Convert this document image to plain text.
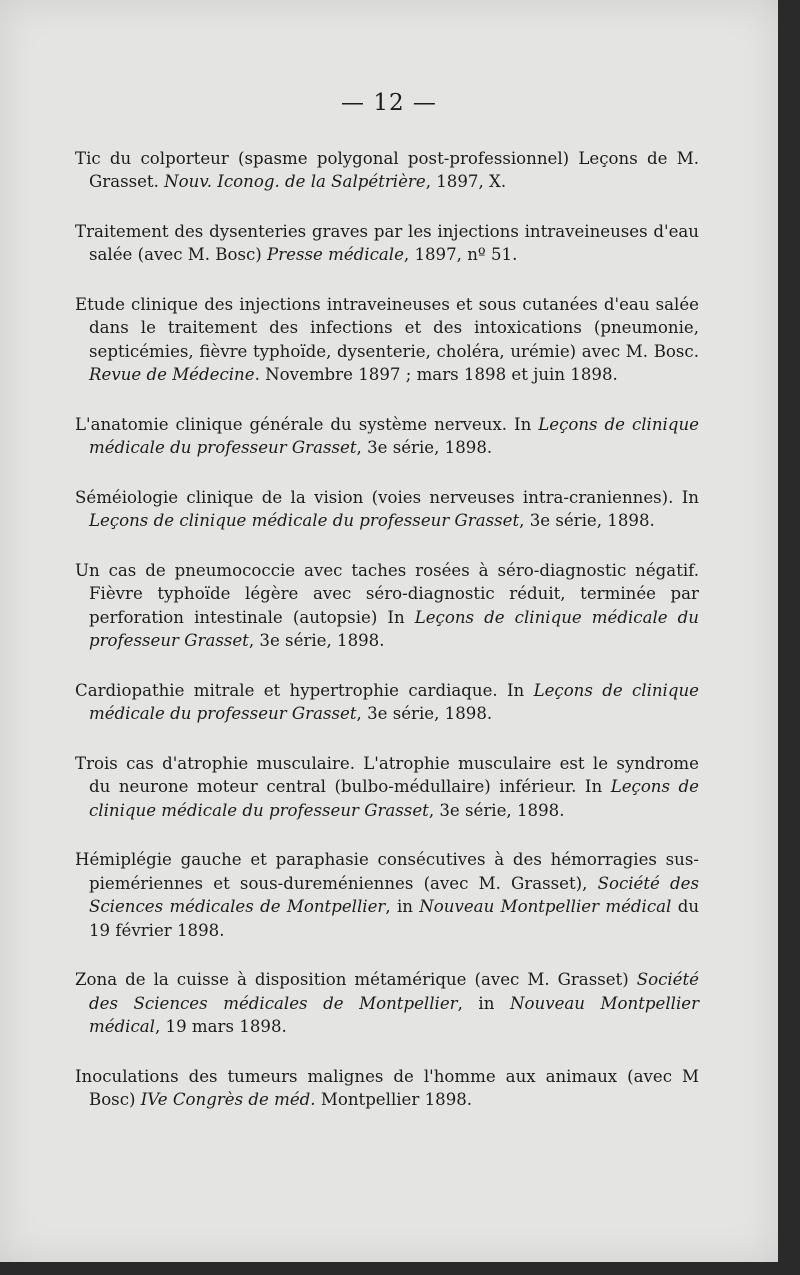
— 12 —

Tic du colporteur (spasme polygonal post-professionnel) Leçons de M. Grasset. Nouv. Iconog. de la Salpétrière, 1897, X.

Traitement des dysenteries graves par les injections intraveineuses d'eau salée (avec M. Bosc) Presse médicale, 1897, nº 51.

Etude clinique des injections intraveineuses et sous cutanées d'eau salée dans le traitement des infections et des intoxications (pneumonie, septicémies, fièvre typhoïde, dysenterie, choléra, urémie) avec M. Bosc. Revue de Médecine. Novembre 1897 ; mars 1898 et juin 1898.

L'anatomie clinique générale du système nerveux. In Leçons de clinique médicale du professeur Grasset, 3e série, 1898.

Séméiologie clinique de la vision (voies nerveuses intra-craniennes). In Leçons de clinique médicale du professeur Grasset, 3e série, 1898.

Un cas de pneumococcie avec taches rosées à séro-diagnostic négatif. Fièvre typhoïde légère avec séro-diagnostic réduit, terminée par perforation intestinale (autopsie) In Leçons de clinique médicale du professeur Grasset, 3e série, 1898.

Cardiopathie mitrale et hypertrophie cardiaque. In Leçons de clinique médicale du professeur Grasset, 3e série, 1898.

Trois cas d'atrophie musculaire. L'atrophie musculaire est le syndrome du neurone moteur central (bulbo-médullaire) inférieur. In Leçons de clinique médicale du professeur Grasset, 3e série, 1898.

Hémiplégie gauche et paraphasie consécutives à des hémorragies sus-piemériennes et sous-dureméniennes (avec M. Grasset), Société des Sciences médicales de Montpellier, in Nouveau Montpellier médical du 19 février 1898.

Zona de la cuisse à disposition métamérique (avec M. Grasset) Société des Sciences médicales de Montpellier, in Nouveau Montpellier médical, 19 mars 1898.

Inoculations des tumeurs malignes de l'homme aux animaux (avec M Bosc) IVe Congrès de méd. Montpellier 1898.
